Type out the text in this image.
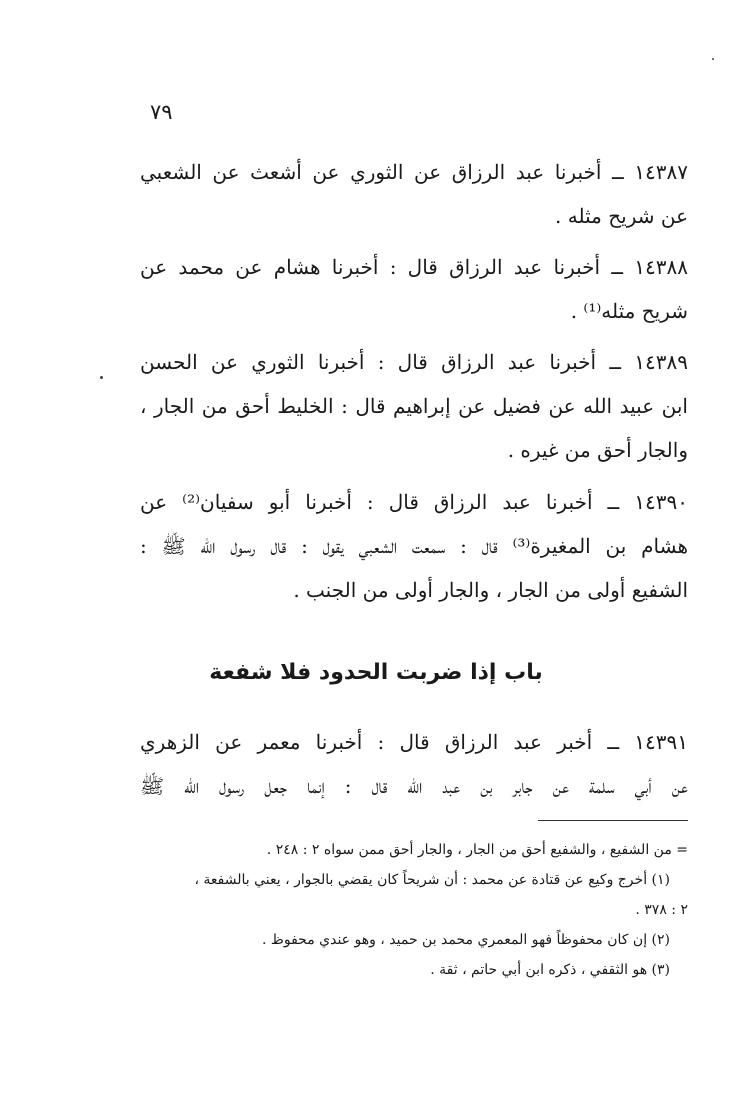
٧٩
١٤٣٨٧ ــ أخبرنا عبد الرزاق عن الثوري عن أشعث عن الشعبي
عن شريح مثله .
١٤٣٨٨ ــ أخبرنا عبد الرزاق قال : أخبرنا هشام عن محمد عن
شريح مثله⁽¹⁾ .
١٤٣٨٩ ــ أخبرنا عبد الرزاق قال : أخبرنا الثوري عن الحسن
ابن عبيد الله عن فضيل عن إبراهيم قال : الخليط أحق من الجار ،
والجار أحق من غيره .
١٤٣٩٠ ــ أخبرنا عبد الرزاق قال : أخبرنا أبو سفيان⁽²⁾ عن
هشام بن المغيرة⁽³⁾ قال : سمعت الشعبي يقول : قال رسول الله ﷺ :
الشفيع أولى من الجار ، والجار أولى من الجنب .
باب إذا ضربت الحدود فلا شفعة
١٤٣٩١ ــ أخبر عبد الرزاق قال : أخبرنا معمر عن الزهري
عن أبي سلمة عن جابر بن عبد الله قال : إنما جعل رسول الله ﷺ
= من الشفيع ، والشفيع أحق من الجار ، والجار أحق ممن سواه ٢ : ٢٤٨ .
(١) أخرج وكيع عن قتادة عن محمد : أن شريحاً كان يقضي بالجوار ، يعني بالشفعة ،
٢ : ٣٧٨ .
(٢) إن كان محفوظاً فهو المعمري محمد بن حميد ، وهو عندي محفوظ .
(٣) هو الثقفي ، ذكره ابن أبي حاتم ، ثقة .
